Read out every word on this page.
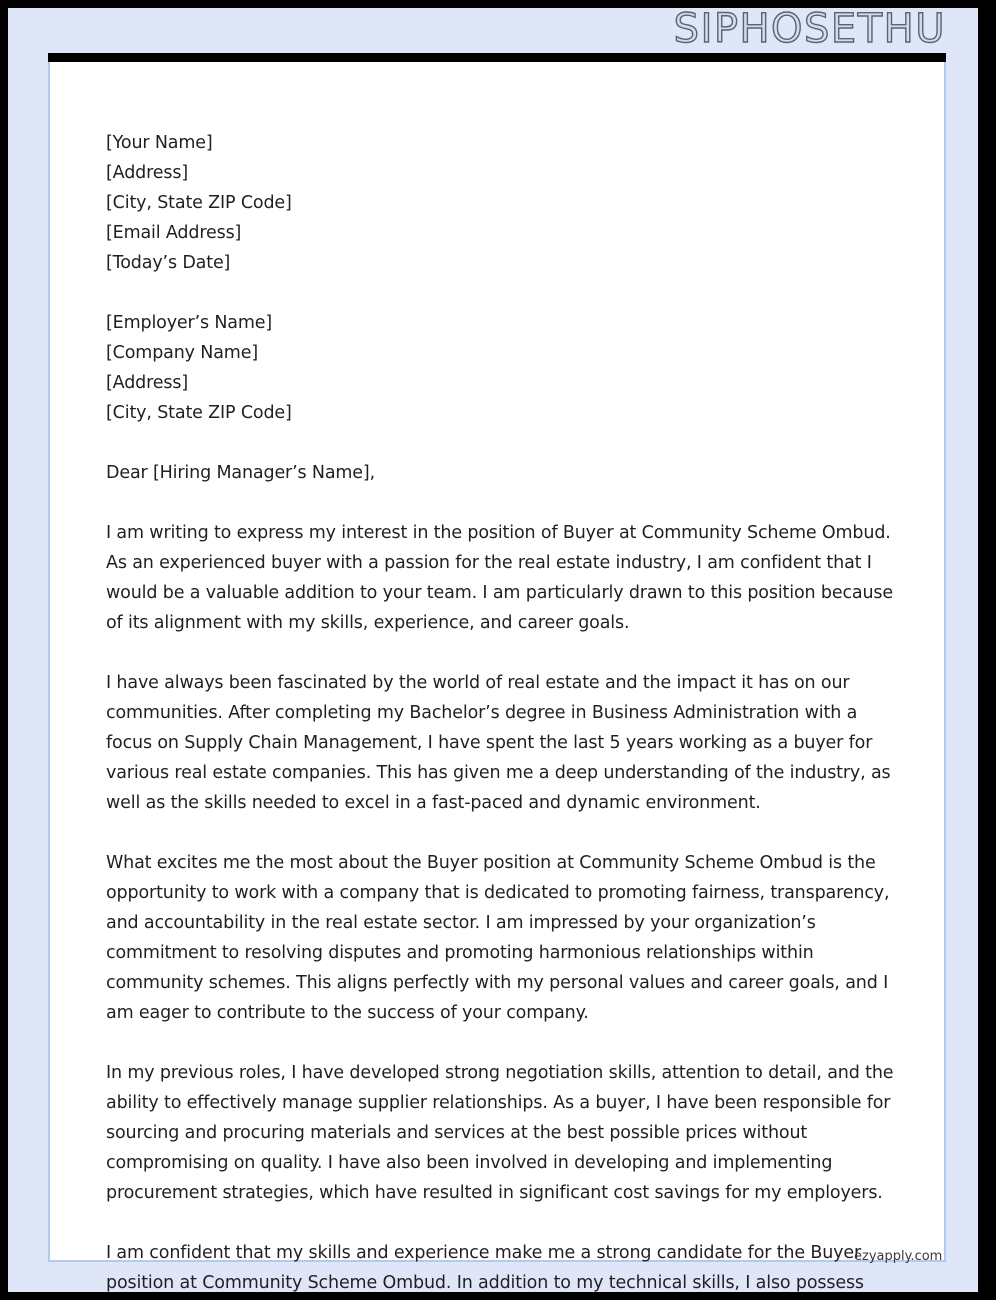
SIPHOSETHU
[Your Name]
[Address]
[City, State ZIP Code]
[Email Address]
[Today’s Date]
[Employer’s Name]
[Company Name]
[Address]
[City, State ZIP Code]

Dear [Hiring Manager’s Name],

I am writing to express my interest in the position of Buyer at Community Scheme Ombud. As an experienced buyer with a passion for the real estate industry, I am confident that I would be a valuable addition to your team. I am particularly drawn to this position because of its alignment with my skills, experience, and career goals.

I have always been fascinated by the world of real estate and the impact it has on our communities. After completing my Bachelor’s degree in Business Administration with a focus on Supply Chain Management, I have spent the last 5 years working as a buyer for various real estate companies. This has given me a deep understanding of the industry, as well as the skills needed to excel in a fast-paced and dynamic environment.

What excites me the most about the Buyer position at Community Scheme Ombud is the opportunity to work with a company that is dedicated to promoting fairness, transparency, and accountability in the real estate sector. I am impressed by your organization’s commitment to resolving disputes and promoting harmonious relationships within community schemes. This aligns perfectly with my personal values and career goals, and I am eager to contribute to the success of your company.

In my previous roles, I have developed strong negotiation skills, attention to detail, and the ability to effectively manage supplier relationships. As a buyer, I have been responsible for sourcing and procuring materials and services at the best possible prices without compromising on quality. I have also been involved in developing and implementing procurement strategies, which have resulted in significant cost savings for my employers.

I am confident that my skills and experience make me a strong candidate for the Buyer position at Community Scheme Ombud. In addition to my technical skills, I also possess

ezyapply.com
